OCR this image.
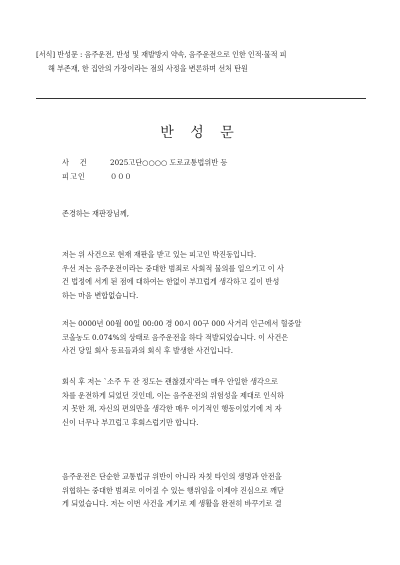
[서식] 반성문 : 음주운전, 반성 및 재발방지 약속, 음주운전으로 인한 인적·물적 피
해 부존재, 한 집안의 가장이라는 점의 사정을 변론하며 선처 탄원
반 성 문
사   건	2025고단○○○○ 도로교통법위반 등
피고인	０００
존경하는 재판장님께,

저는 위 사건으로 현재 재판을 받고 있는 피고인 박진동입니다.

우선 저는 음주운전이라는 중대한 범죄로 사회적 물의를 일으키고 이 사

건 법정에 서게 된 점에 대하여는 한없이 부끄럽게 생각하고 깊이 반성

하는 마음 변합없습니다.

저는 0000년 00월 00일 00:00 경 00시 00구 000 사거리 인근에서 혈중알

코올농도 0.074%의 상태로 음주운전을 하다 적발되었습니다. 이 사건은

사건 당일 회사 동료들과의 회식 후 발생한 사건입니다.

회식 후 저는 `소주 두 잔 정도는 괜찮겠지'라는 매우 안일한 생각으로

차를 운전하게 되었던 것인데, 이는 음주운전의 위험성을 제대로 인식하

지 못한 채, 자신의 편의만을 생각한 매우 이기적인 행동이었기에 저 자

신이 너무나 부끄럽고 후회스럽기만 합니다.

음주운전은 단순한 교통법규 위반이 아니라 자칫 타인의 생명과 안전을

위협하는 중대한 범죄로 이어질 수 있는 행위임을 이제야 진심으로 깨닫

게 되었습니다. 저는 이번 사건을 계기로 제 생활을 완전히 바꾸기로 결
